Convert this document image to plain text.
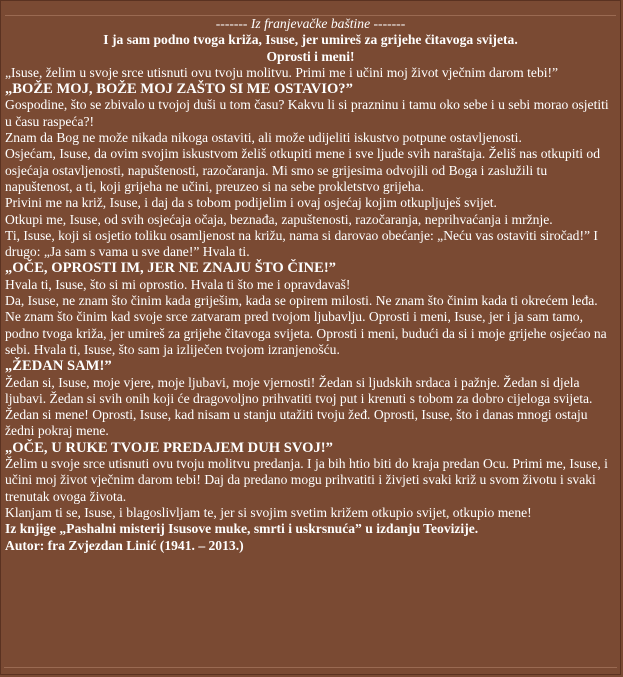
------- Iz franjevačke baštine -------

I ja sam podno tvoga križa, Isuse, jer umireš za grijehe čitavoga svijeta.

Oprosti i meni!

„Isuse, želim u svoje srce utisnuti ovu tvoju molitvu. Primi me i učini moj život vječnim darom tebi!”

„BOŽE MOJ, BOŽE MOJ ZAŠTO SI ME OSTAVIO?”

Gospodine, što se zbivalo u tvojoj duši u tom času? Kakvu li si prazninu i tamu oko sebe i u sebi morao osjetiti u času raspeća?!

Znam da Bog ne može nikada nikoga ostaviti, ali može udijeliti iskustvo potpune ostavljenosti.

Osjećam, Isuse, da ovim svojim iskustvom želiš otkupiti mene i sve ljude svih naraštaja. Želiš nas otkupiti od osjećaja ostavljenosti, napuštenosti, razočaranja. Mi smo se grijesima odvojili od Boga i zaslužili tu napuštenost, a ti, koji grijeha ne učini, preuzeo si na sebe prokletstvo grijeha.

Privini me na križ, Isuse, i daj da s tobom podijelim i ovaj osjećaj kojim otkupljuješ svijet.

Otkupi me, Isuse, od svih osjećaja očaja, beznađa, zapuštenosti, razočaranja, neprihvaćanja i mržnje.

Ti, Isuse, koji si osjetio toliku osamljenost na križu, nama si darovao obećanje: „Neću vas ostaviti siročad!” I drugo: „Ja sam s vama u sve dane!” Hvala ti.

„OČE, OPROSTI IM, JER NE ZNAJU ŠTO ČINE!”

Hvala ti, Isuse, što si mi oprostio. Hvala ti što me i opravdavaš!

Da, Isuse, ne znam što činim kada griješim, kada se opirem milosti. Ne znam što činim kada ti okrećem leđa. Ne znam što činim kad svoje srce zatvaram pred tvojom ljubavlju. Oprosti i meni, Isuse, jer i ja sam tamo, podno tvoga križa, jer umireš za grijehe čitavoga svijeta. Oprosti i meni, budući da si i moje grijehe osjećao na sebi. Hvala ti, Isuse, što sam ja izliječen tvojom izranjenošću.

„ŽEDAN SAM!”

Žedan si, Isuse, moje vjere, moje ljubavi, moje vjernosti! Žedan si ljudskih srdaca i pažnje. Žedan si djela ljubavi. Žedan si svih onih koji će dragovoljno prihvatiti tvoj put i krenuti s tobom za dobro cijeloga svijeta. Žedan si mene! Oprosti, Isuse, kad nisam u stanju utažiti tvoju žeđ. Oprosti, Isuse, što i danas mnogi ostaju žedni pokraj mene.

„OČE, U RUKE TVOJE PREDAJEM DUH SVOJ!”

Želim u svoje srce utisnuti ovu tvoju molitvu predanja. I ja bih htio biti do kraja predan Ocu. Primi me, Isuse, i učini moj život vječnim darom tebi! Daj da predano mogu prihvatiti i živjeti svaki križ u svom životu i svaki trenutak ovoga života.

Klanjam ti se, Isuse, i blagoslivljam te, jer si svojim svetim križem otkupio svijet, otkupio mene!

Iz knjige „Pashalni misterij Isusove muke, smrti i uskrsnuća” u izdanju Teovizije.

Autor: fra Zvjezdan Linić (1941. – 2013.)
